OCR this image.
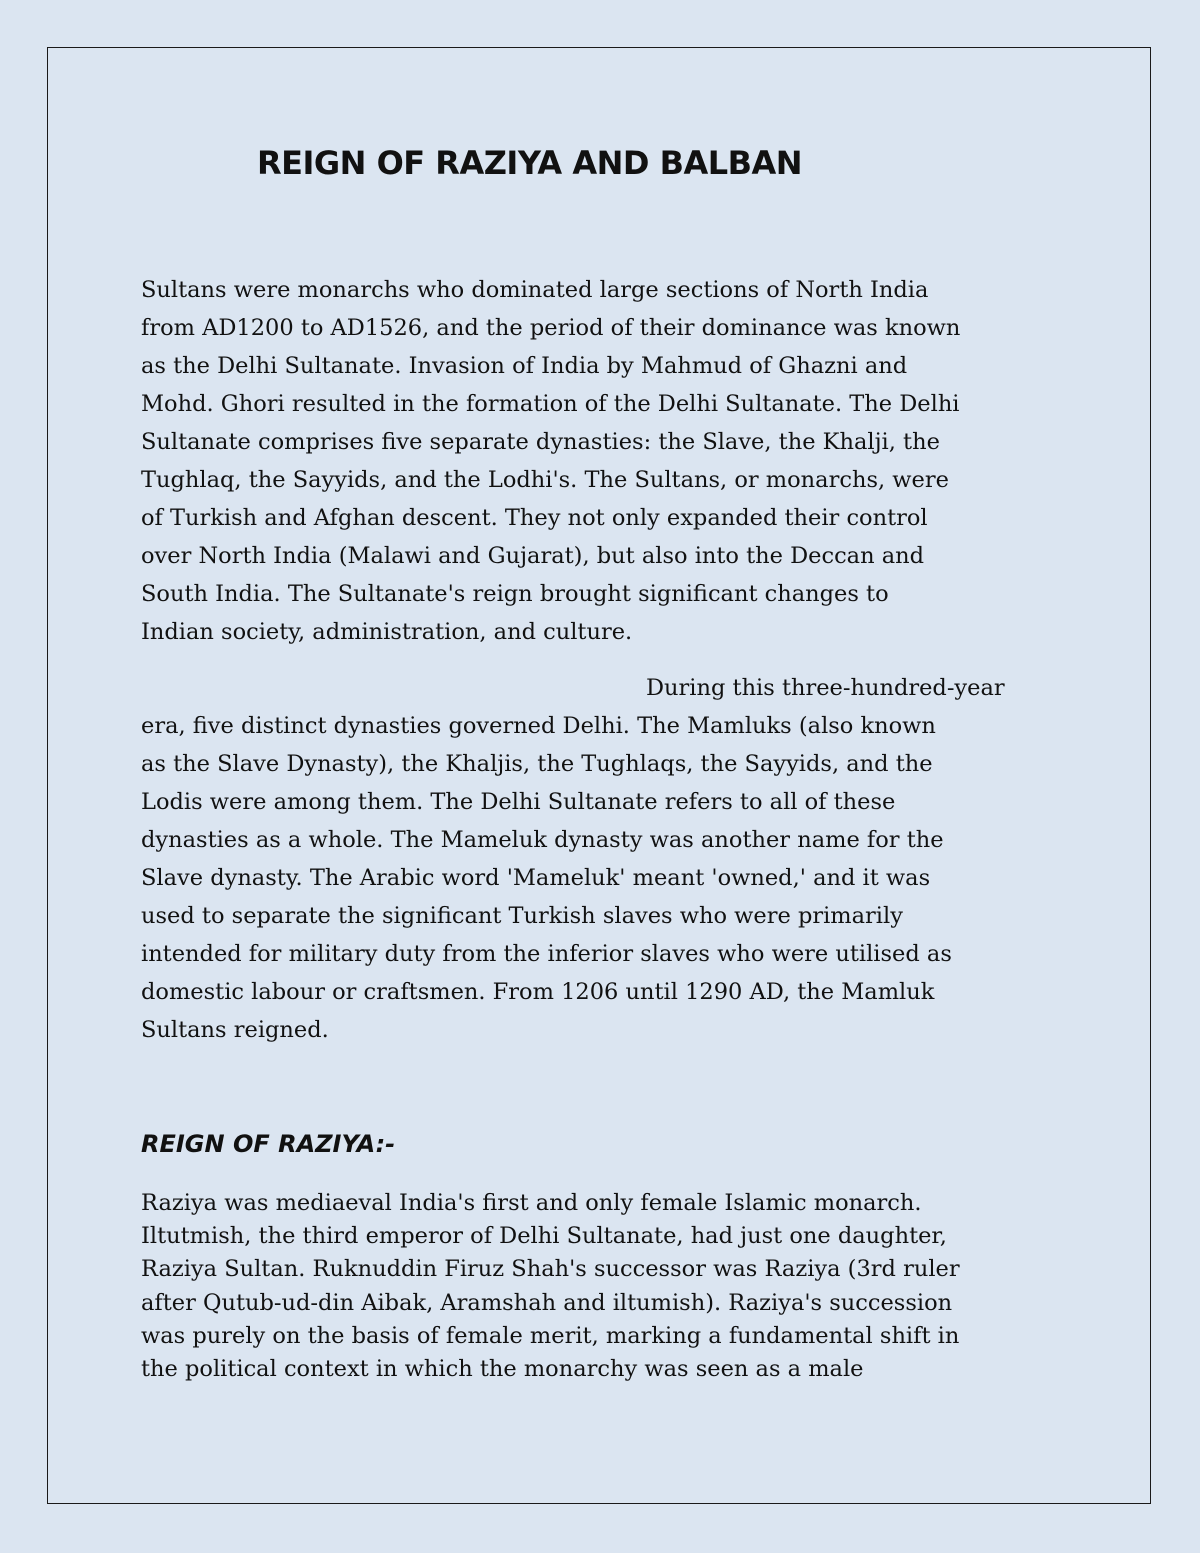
REIGN OF RAZIYA AND BALBAN

Sultans were monarchs who dominated large sections of North India
from AD1200 to AD1526, and the period of their dominance was known
as the Delhi Sultanate. Invasion of India by Mahmud of Ghazni and
Mohd. Ghori resulted in the formation of the Delhi Sultanate. The Delhi
Sultanate comprises five separate dynasties: the Slave, the Khalji, the
Tughlaq, the Sayyids, and the Lodhi's. The Sultans, or monarchs, were
of Turkish and Afghan descent. They not only expanded their control
over North India (Malawi and Gujarat), but also into the Deccan and
South India. The Sultanate's reign brought significant changes to
Indian society, administration, and culture.

During this three-hundred-year
era, five distinct dynasties governed Delhi. The Mamluks (also known
as the Slave Dynasty), the Khaljis, the Tughlaqs, the Sayyids, and the
Lodis were among them. The Delhi Sultanate refers to all of these
dynasties as a whole. The Mameluk dynasty was another name for the
Slave dynasty. The Arabic word 'Mameluk' meant 'owned,' and it was
used to separate the significant Turkish slaves who were primarily
intended for military duty from the inferior slaves who were utilised as
domestic labour or craftsmen. From 1206 until 1290 AD, the Mamluk
Sultans reigned.

REIGN OF RAZIYA:-

Raziya was mediaeval India's first and only female Islamic monarch.
Iltutmish, the third emperor of Delhi Sultanate, had just one daughter,
Raziya Sultan. Ruknuddin Firuz Shah's successor was Raziya (3rd ruler
after Qutub-ud-din Aibak, Aramshah and iltumish). Raziya's succession
was purely on the basis of female merit, marking a fundamental shift in
the political context in which the monarchy was seen as a male
